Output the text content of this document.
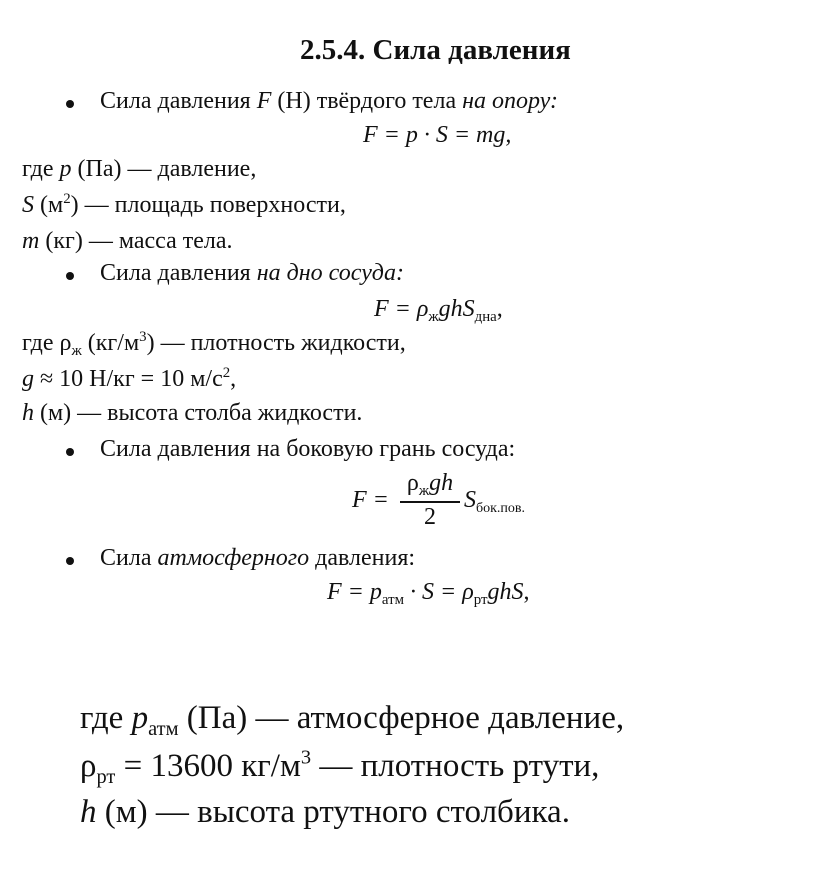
2.5.4. Сила давления
Сила давления F (Н) твёрдого тела на опору:
F = p · S = mg,
где p (Па) — давление,
S $(м^2)$ — площадь поверхности,
m (кг) — масса тела.
Сила давления на дно сосуда:
$F = \rho_жghS_{дна}$,
где $\rho_ж$ $(кг/м^3)$ — плотность жидкости,
g ≈ 10 Н/кг = 10 $м/с^2$,
h (м) — высота столба жидкости.
Сила давления на боковую грань сосуда:
F =
$\rho_жgh$
2
$S_{бок.пов.}$
Сила атмосферного давления:
$F = p_{атм} \cdot S = \rho_{рт}ghS$,
где $p_{атм}$ (Па) — атмосферное давление,
$\rho_{рт} = 13600$ $кг/м^3$ — плотность ртути,
h (м) — высота ртутного столбика.
